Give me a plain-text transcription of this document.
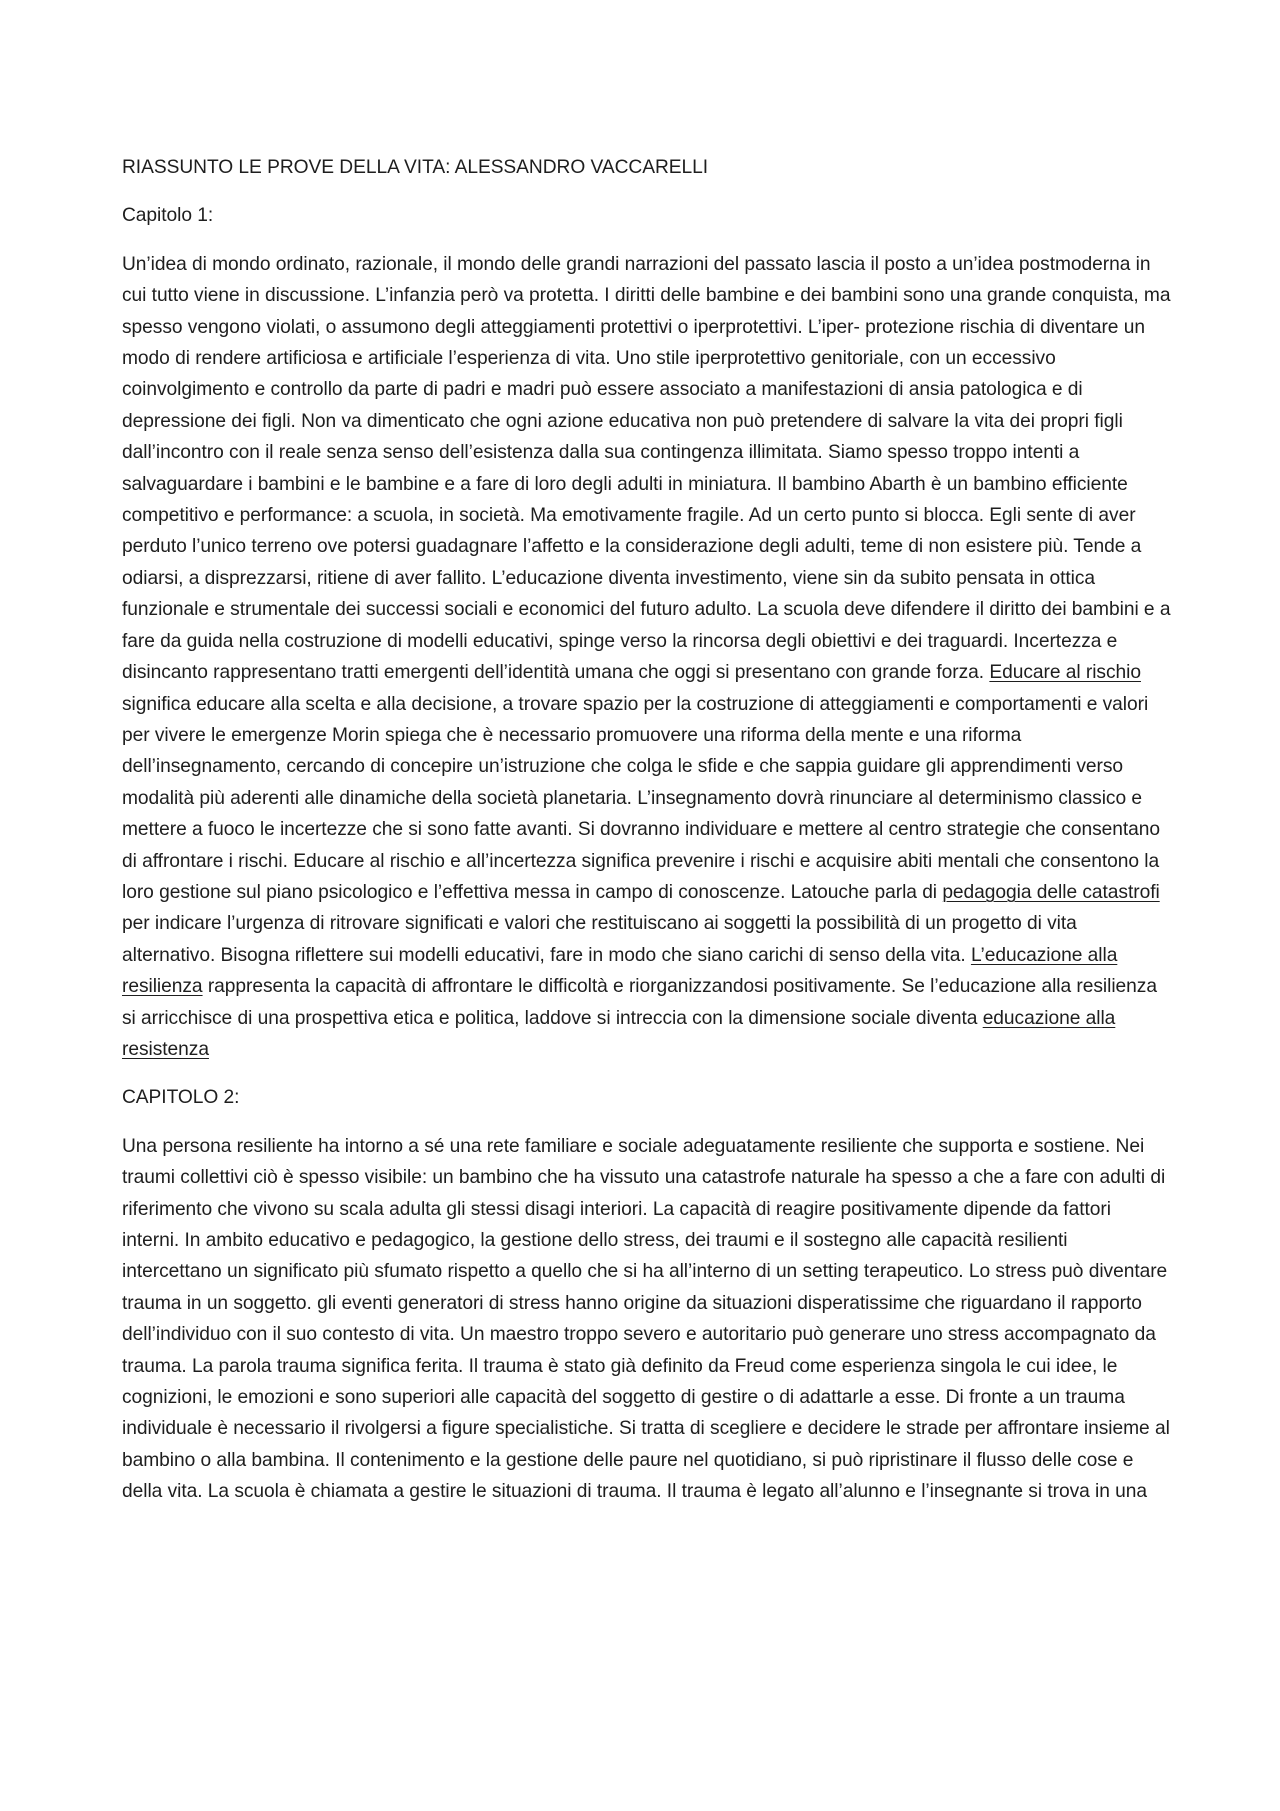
RIASSUNTO LE PROVE DELLA VITA: ALESSANDRO VACCARELLI

Capitolo 1:

Un’idea di mondo ordinato, razionale, il mondo delle grandi narrazioni del passato lascia il posto a un’idea postmoderna in cui tutto viene in discussione. L’infanzia però va protetta. I diritti delle bambine e dei bambini sono una grande conquista, ma spesso vengono violati, o assumono degli atteggiamenti protettivi o iperprotettivi. L’iper- protezione rischia di diventare un modo di rendere artificiosa e artificiale l’esperienza di vita. Uno stile iperprotettivo genitoriale, con un eccessivo coinvolgimento e controllo da parte di padri e madri può essere associato a manifestazioni di ansia patologica e di depressione dei figli. Non va dimenticato che ogni azione educativa non può pretendere di salvare la vita dei propri figli dall’incontro con il reale senza senso dell’esistenza dalla sua contingenza illimitata. Siamo spesso troppo intenti a salvaguardare i bambini e le bambine e a fare di loro degli adulti in miniatura. Il bambino Abarth è un bambino efficiente competitivo e performance: a scuola, in società. Ma emotivamente fragile. Ad un certo punto si blocca. Egli sente di aver perduto l’unico terreno ove potersi guadagnare l’affetto e la considerazione degli adulti, teme di non esistere più. Tende a odiarsi, a disprezzarsi, ritiene di aver fallito. L’educazione diventa investimento, viene sin da subito pensata in ottica funzionale e strumentale dei successi sociali e economici del futuro adulto. La scuola deve difendere il diritto dei bambini e a fare da guida nella costruzione di modelli educativi, spinge verso la rincorsa degli obiettivi e dei traguardi. Incertezza e disincanto rappresentano tratti emergenti dell’identità umana che oggi si presentano con grande forza. Educare al rischio significa educare alla scelta e alla decisione, a trovare spazio per la costruzione di atteggiamenti e comportamenti e valori per vivere le emergenze Morin spiega che è necessario promuovere una riforma della mente e una riforma dell’insegnamento, cercando di concepire un’istruzione che colga le sfide e che sappia guidare gli apprendimenti verso modalità più aderenti alle dinamiche della società planetaria. L’insegnamento dovrà rinunciare al determinismo classico e mettere a fuoco le incertezze che si sono fatte avanti. Si dovranno individuare e mettere al centro strategie che consentano di affrontare i rischi. Educare al rischio e all’incertezza significa prevenire i rischi e acquisire abiti mentali che consentono la loro gestione sul piano psicologico e l’effettiva messa in campo di conoscenze. Latouche parla di pedagogia delle catastrofi per indicare l’urgenza di ritrovare significati e valori che restituiscano ai soggetti la possibilità di un progetto di vita alternativo. Bisogna riflettere sui modelli educativi, fare in modo che siano carichi di senso della vita. L’educazione alla resilienza rappresenta la capacità di affrontare le difficoltà e riorganizzandosi positivamente. Se l’educazione alla resilienza si arricchisce di una prospettiva etica e politica, laddove si intreccia con la dimensione sociale diventa educazione alla resistenza

CAPITOLO 2:

Una persona resiliente ha intorno a sé una rete familiare e sociale adeguatamente resiliente che supporta e sostiene. Nei traumi collettivi ciò è spesso visibile: un bambino che ha vissuto una catastrofe naturale ha spesso a che a fare con adulti di riferimento che vivono su scala adulta gli stessi disagi interiori. La capacità di reagire positivamente dipende da fattori interni. In ambito educativo e pedagogico, la gestione dello stress, dei traumi e il sostegno alle capacità resilienti intercettano un significato più sfumato rispetto a quello che si ha all’interno di un setting terapeutico. Lo stress può diventare trauma in un soggetto. gli eventi generatori di stress hanno origine da situazioni disperatissime che riguardano il rapporto dell’individuo con il suo contesto di vita. Un maestro troppo severo e autoritario può generare uno stress accompagnato da trauma. La parola trauma significa ferita. Il trauma è stato già definito da Freud come esperienza singola le cui idee, le cognizioni, le emozioni e sono superiori alle capacità del soggetto di gestire o di adattarle a esse. Di fronte a un trauma individuale è necessario il rivolgersi a figure specialistiche. Si tratta di scegliere e decidere le strade per affrontare insieme al bambino o alla bambina. Il contenimento e la gestione delle paure nel quotidiano, si può ripristinare il flusso delle cose e della vita. La scuola è chiamata a gestire le situazioni di trauma. Il trauma è legato all’alunno e l’insegnante si trova in una
